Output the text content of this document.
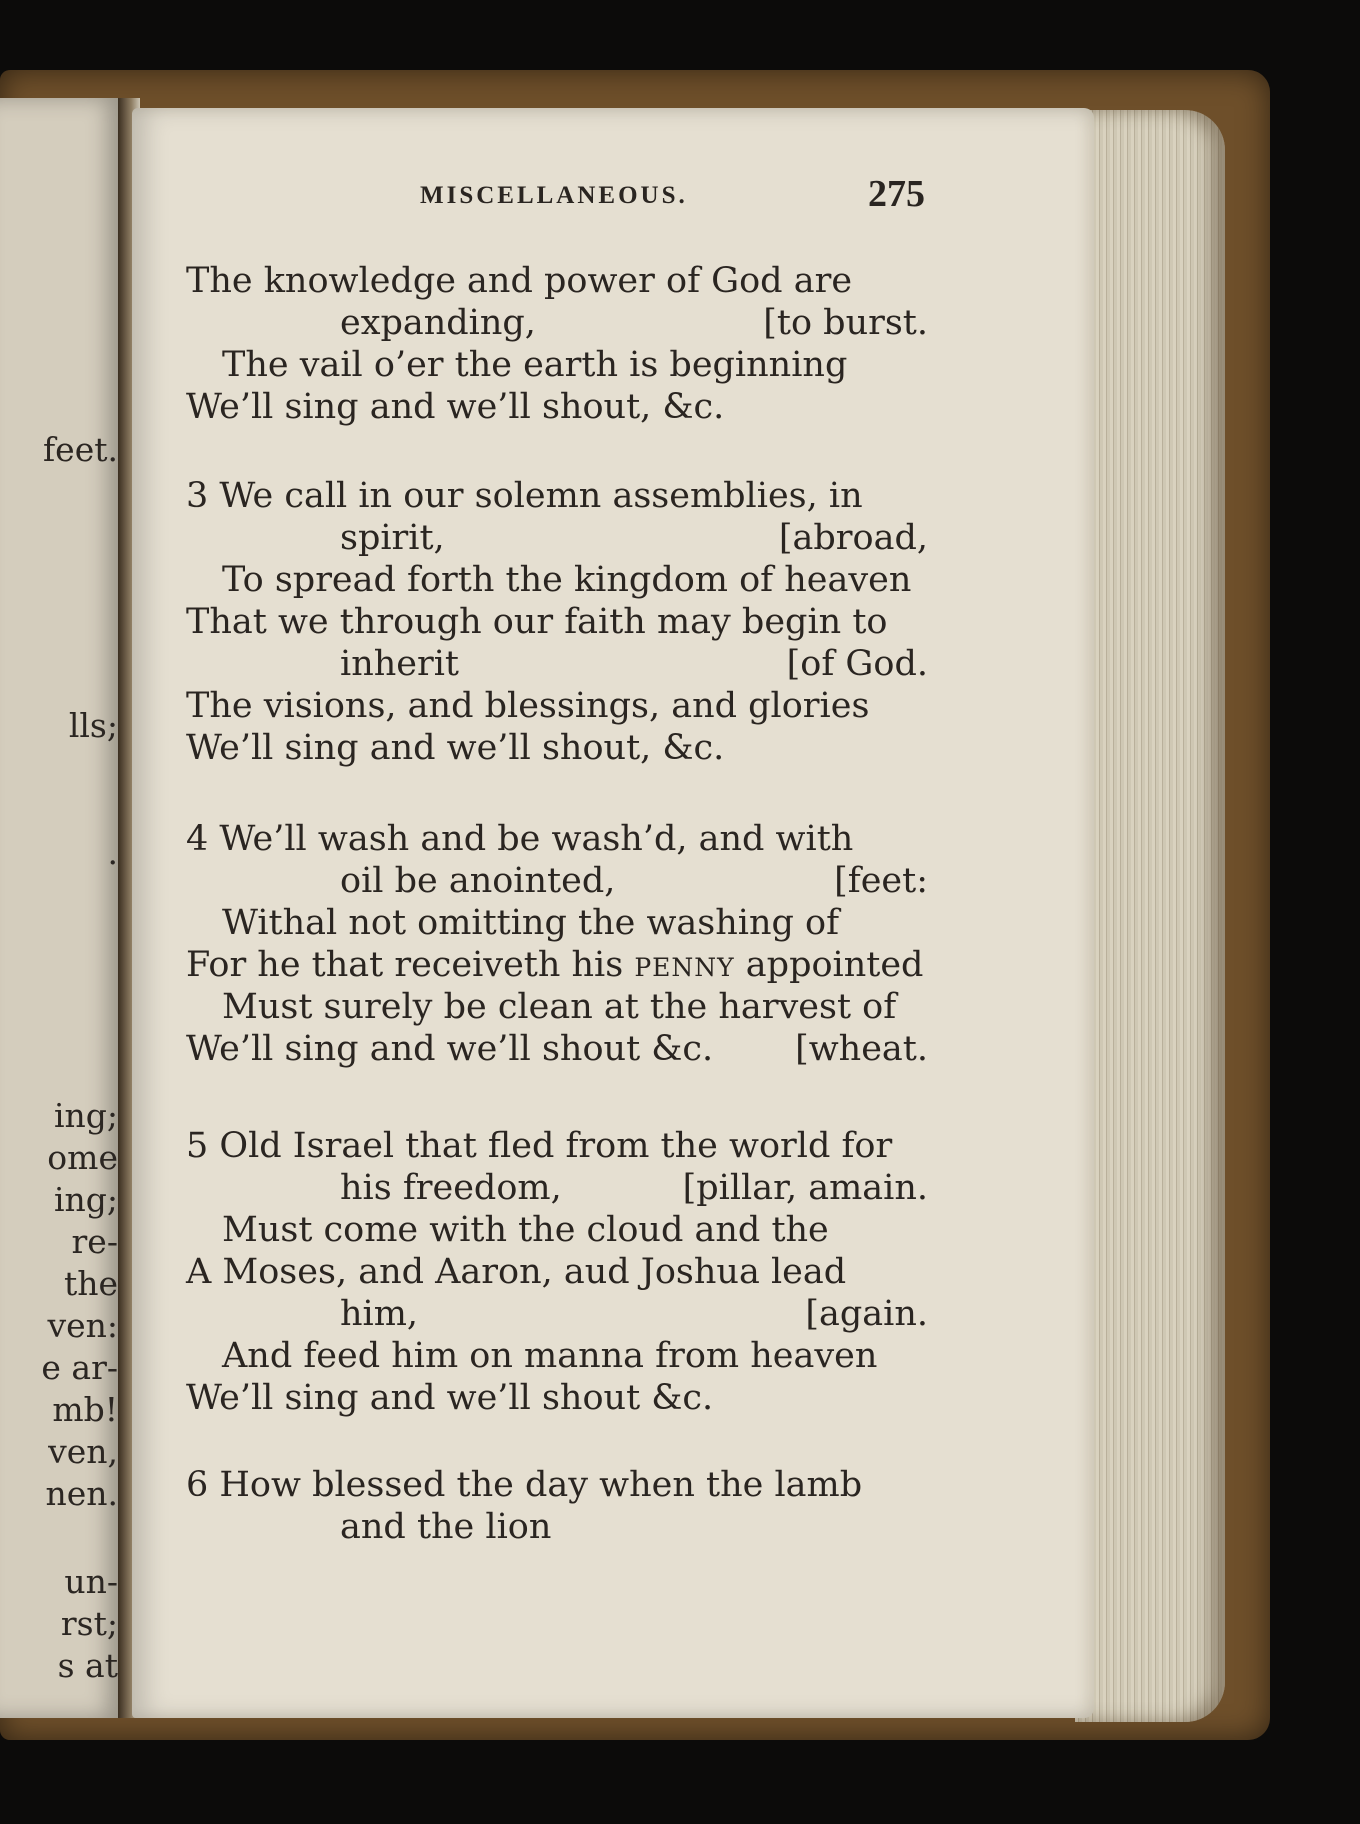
feet.
lls;
.
ing;
ome
ing;
re-
the
ven:
e ar-
mb!
ven,
nen.
un-
rst;
s at
MISCELLANEOUS.	275
The knowledge and power of God are
expanding,	[to burst.
The vail o’er the earth is beginning
We’ll sing and we’ll shout, &c.
3 We call in our solemn assemblies, in
spirit,	[abroad,
To spread forth the kingdom of heaven
That we through our faith may begin to
inherit	[of God.
The visions, and blessings, and glories
We’ll sing and we’ll shout, &c.
4 We’ll wash and be wash’d, and with
oil be anointed,	[feet:
Withal not omitting the washing of
For he that receiveth his penny appointed
Must surely be clean at the harvest of
We’ll sing and we’ll shout &c. [wheat.
5 Old Israel that fled from the world for
his freedom,	[pillar, amain.
Must come with the cloud and the
A Moses, and Aaron, aud Joshua lead
him,	[again.
And feed him on manna from heaven
We’ll sing and we’ll shout &c.
6 How blessed the day when the lamb
and the lion
